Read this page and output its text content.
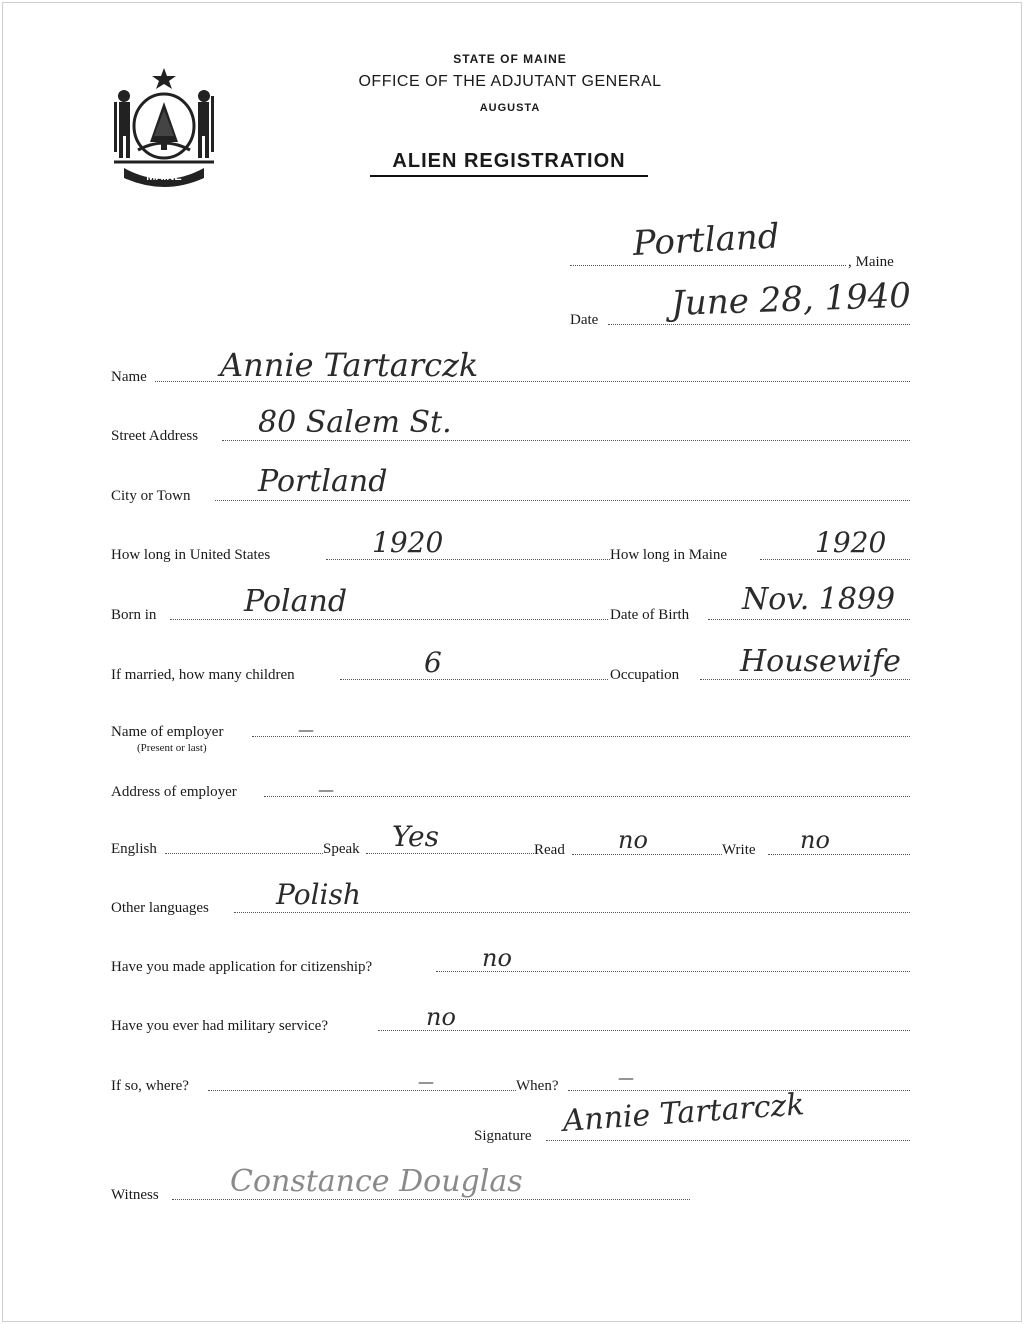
MAINE
STATE OF MAINE
OFFICE OF THE ADJUTANT GENERAL
AUGUSTA
ALIEN REGISTRATION
Portland	, Maine
Date June 28, 1940
Name Annie Tartarczk
Street Address 80 Salem St.
City or Town Portland
How long in United States	1920	How long in Maine	1920
Born in	Poland	Date of Birth Nov. 1899
If married, how many children	6	Occupation Housewife
Name of employer
(Present or last)
—
Address of employer	—
English	Speak Yes	Read no	Write no
Other languages Polish
Have you made application for citizenship?	no
Have you ever had military service?	no
If so, where?	—	When?	—
Signature Annie Tartarczk
Witness Constance Douglas
